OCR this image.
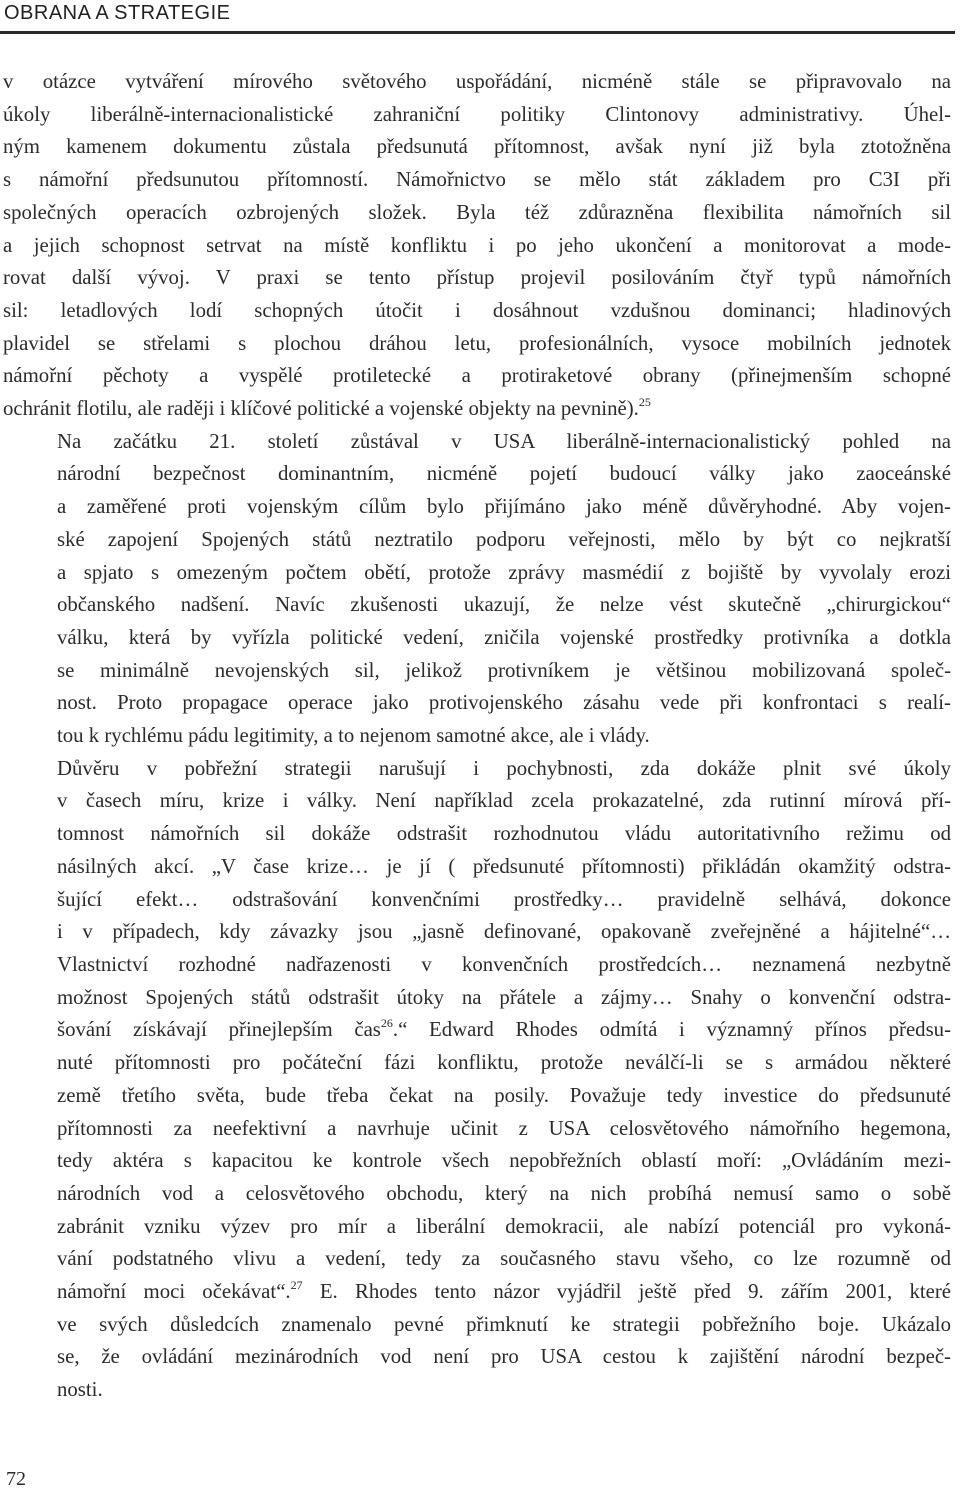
OBRANA A STRATEGIE

v otázce vytváření mírového světového uspořádání, nicméně stále se připravovalo na
úkoly liberálně-internacionalistické zahraniční politiky Clintonovy administrativy. Úhel-
ným kamenem dokumentu zůstala předsunutá přítomnost, avšak nyní již byla ztotožněna
s námořní předsunutou přítomností. Námořnictvo se mělo stát základem pro C3I při
společných operacích ozbrojených složek. Byla též zdůrazněna flexibilita námořních sil
a jejich schopnost setrvat na místě konfliktu i po jeho ukončení a monitorovat a mode-
rovat další vývoj. V praxi se tento přístup projevil posilováním čtyř typů námořních
sil: letadlových lodí schopných útočit i dosáhnout vzdušnou dominanci; hladinových
plavidel se střelami s plochou dráhou letu, profesionálních, vysoce mobilních jednotek
námořní pěchoty a vyspělé protiletecké a protiraketové obrany (přinejmenším schopné
ochránit flotilu, ale raději i klíčové politické a vojenské objekty na pevnině).$^{25}$

Na začátku 21. století zůstával v USA liberálně-internacionalistický pohled na
národní bezpečnost dominantním, nicméně pojetí budoucí války jako zaoceánské
a zaměřené proti vojenským cílům bylo přijímáno jako méně důvěryhodné. Aby vojen-
ské zapojení Spojených států neztratilo podporu veřejnosti, mělo by být co nejkratší
a spjato s omezeným počtem obětí, protože zprávy masmédií z bojiště by vyvolaly erozi
občanského nadšení. Navíc zkušenosti ukazují, že nelze vést skutečně „chirurgickou“
válku, která by vyřízla politické vedení, zničila vojenské prostředky protivníka a dotkla
se minimálně nevojenských sil, jelikož protivníkem je většinou mobilizovaná společ-
nost. Proto propagace operace jako protivojenského zásahu vede při konfrontaci s realí-
tou k rychlému pádu legitimity, a to nejenom samotné akce, ale i vlády.

Důvěru v pobřežní strategii narušují i pochybnosti, zda dokáže plnit své úkoly
v časech míru, krize i války. Není například zcela prokazatelné, zda rutinní mírová pří-
tomnost námořních sil dokáže odstrašit rozhodnutou vládu autoritativního režimu od
násilných akcí. „V čase krize… je jí ( předsunuté přítomnosti) přikládán okamžitý odstra-
šující efekt… odstrašování konvenčními prostředky… pravidelně selhává, dokonce
i v případech, kdy závazky jsou „jasně definované, opakovaně zveřejněné a hájitelné“…
Vlastnictví rozhodné nadřazenosti v konvenčních prostředcích… neznamená nezbytně
možnost Spojených států odstrašit útoky na přátele a zájmy… Snahy o konvenční odstra-
šování získávají přinejlepším čas$^{26}$.“ Edward Rhodes odmítá i významný přínos předsu-
nuté přítomnosti pro počáteční fázi konfliktu, protože neválčí-li se s armádou některé
země třetího světa, bude třeba čekat na posily. Považuje tedy investice do předsunuté
přítomnosti za neefektivní a navrhuje učinit z USA celosvětového námořního hegemona,
tedy aktéra s kapacitou ke kontrole všech nepobřežních oblastí moří: „Ovládáním mezi-
národních vod a celosvětového obchodu, který na nich probíhá nemusí samo o sobě
zabránit vzniku výzev pro mír a liberální demokracii, ale nabízí potenciál pro vykoná-
vání podstatného vlivu a vedení, tedy za současného stavu všeho, co lze rozumně od
námořní moci očekávat“.$^{27}$ E. Rhodes tento názor vyjádřil ještě před 9. zářím 2001, které
ve svých důsledcích znamenalo pevné přimknutí ke strategii pobřežního boje. Ukázalo
se, že ovládání mezinárodních vod není pro USA cestou k zajištění národní bezpeč-
nosti.

72
